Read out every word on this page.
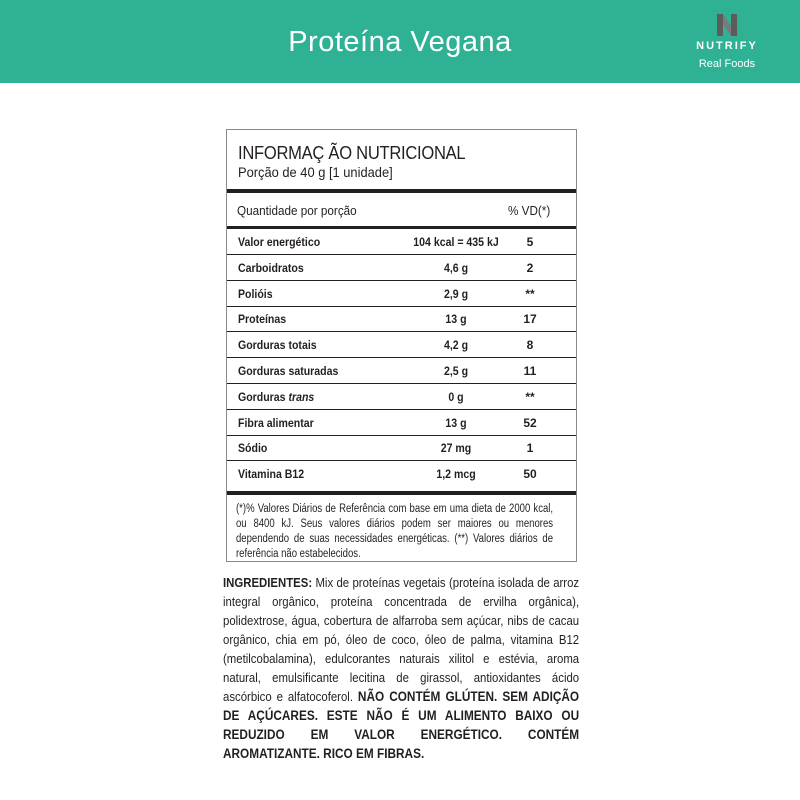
Proteína Vegana	NUTRIFY
Real Foods
INFORMAÇ ÃO NUTRICIONAL
Porção de 40 g [1 unidade]
Quantidade por porção	% VD(*)
Valor energético	104 kcal = 435 kJ	5
Carboidratos	4,6 g	2
Polióis	2,9 g	**
Proteínas	13 g	17
Gorduras totais	4,2 g	8
Gorduras saturadas	2,5 g	11
Gorduras trans	0 g	**
Fibra alimentar	13 g	52
Sódio	27 mg	1
Vitamina B12	1,2 mcg	50
(*)% Valores Diários de Referência com base em uma dieta de 2000 kcal, ou 8400 kJ. Seus valores diários podem ser maiores ou menores dependendo de suas necessidades energéticas. (**) Valores diários de referência não estabelecidos.
INGREDIENTES: Mix de proteínas vegetais (proteína isolada de arroz integral orgânico, proteína concentrada de ervilha orgânica), polidextrose, água, cobertura de alfarroba sem açúcar, nibs de cacau orgânico, chia em pó, óleo de coco, óleo de palma, vitamina B12 (metilcobalamina), edulcorantes naturais xilitol e estévia, aroma natural, emulsificante lecitina de girassol, antioxidantes ácido ascórbico e alfatocoferol. NÃO CONTÉM GLÚTEN. SEM ADIÇÃO DE AÇÚCARES. ESTE NÃO É UM ALIMENTO BAIXO OU REDUZIDO EM VALOR ENERGÉTICO. CONTÉM AROMATIZANTE. RICO EM FIBRAS.
